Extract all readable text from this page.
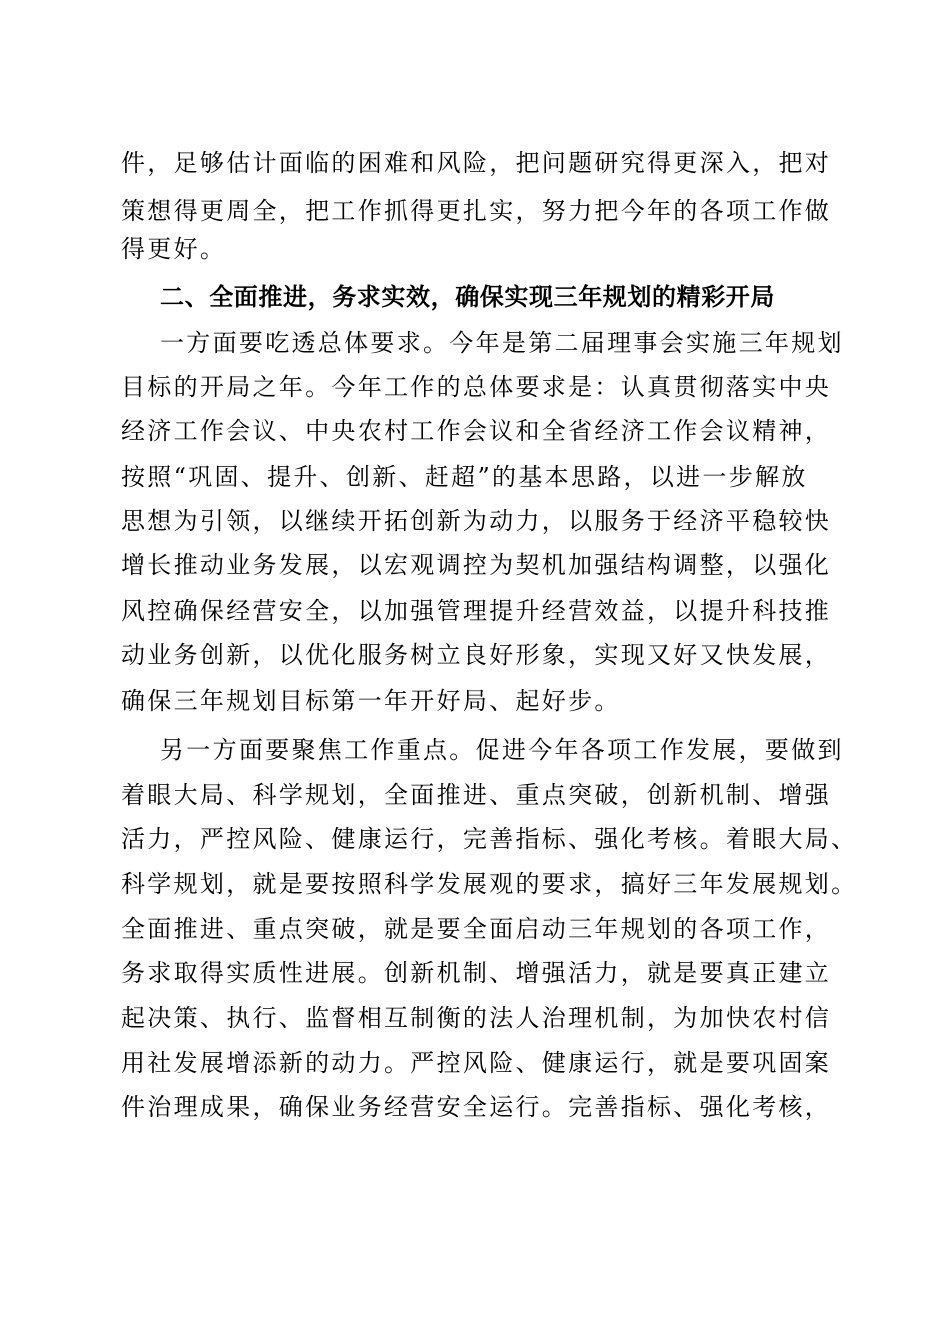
件，足够估计面临的困难和风险，把问题研究得更深入，把对
策想得更周全，把工作抓得更扎实，努力把今年的各项工作做
得更好。
二、全面推进，务求实效，确保实现三年规划的精彩开局
一方面要吃透总体要求。今年是第二届理事会实施三年规划
目标的开局之年。今年工作的总体要求是：认真贯彻落实中央
经济工作会议、中央农村工作会议和全省经济工作会议精神，
按照“巩固、提升、创新、赶超”的基本思路，以进一步解放
思想为引领，以继续开拓创新为动力，以服务于经济平稳较快
增长推动业务发展，以宏观调控为契机加强结构调整，以强化
风控确保经营安全，以加强管理提升经营效益，以提升科技推
动业务创新，以优化服务树立良好形象，实现又好又快发展，
确保三年规划目标第一年开好局、起好步。
另一方面要聚焦工作重点。促进今年各项工作发展，要做到
着眼大局、科学规划，全面推进、重点突破，创新机制、增强
活力，严控风险、健康运行，完善指标、强化考核。着眼大局、
科学规划，就是要按照科学发展观的要求，搞好三年发展规划。
全面推进、重点突破，就是要全面启动三年规划的各项工作，
务求取得实质性进展。创新机制、增强活力，就是要真正建立
起决策、执行、监督相互制衡的法人治理机制，为加快农村信
用社发展增添新的动力。严控风险、健康运行，就是要巩固案
件治理成果，确保业务经营安全运行。完善指标、强化考核，
